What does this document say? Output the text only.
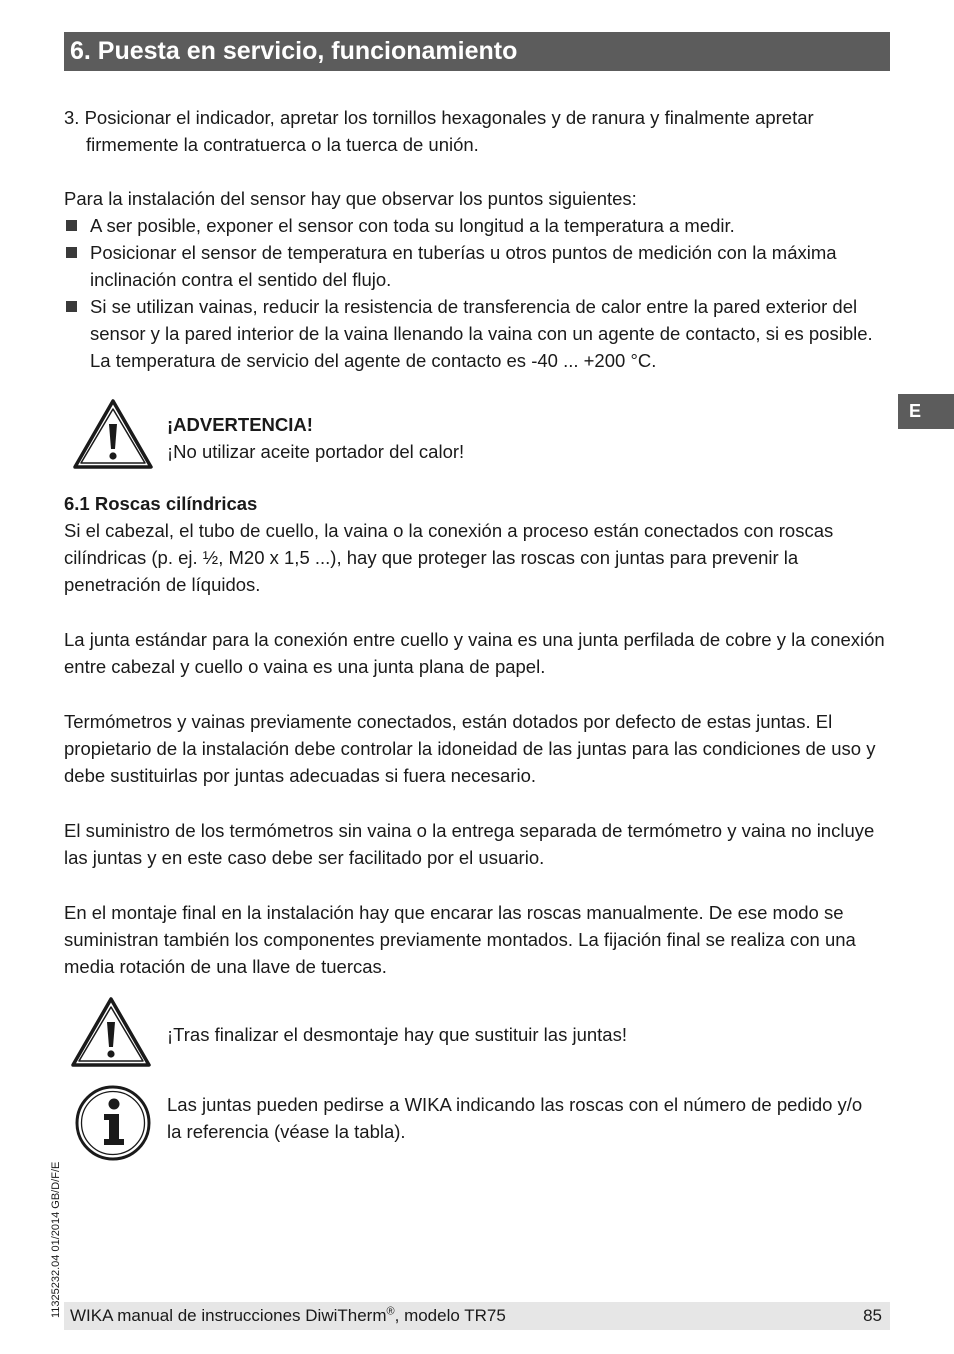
6. Puesta en servicio, funcionamiento
E
3. Posicionar el indicador, apretar los tornillos hexagonales y de ranura y finalmente apretar
firmemente la contratuerca o la tuerca de unión.
Para la instalación del sensor hay que observar los puntos siguientes:
A ser posible, exponer el sensor con toda su longitud a la temperatura a medir.
Posicionar el sensor de temperatura en tuberías u otros puntos de medición con la máxima inclinación contra el sentido del flujo.
Si se utilizan vainas, reducir la resistencia de transferencia de calor entre la pared exterior del sensor y la pared interior de la vaina llenando la vaina con un agente de contacto, si es posible. La temperatura de servicio del agente de contacto es -40 ... +200 °C.
¡ADVERTENCIA!
¡No utilizar aceite portador del calor!
6.1 Roscas cilíndricas
Si el cabezal, el tubo de cuello, la vaina o la conexión a proceso están conectados con roscas cilíndricas (p. ej. ½, M20 x 1,5 ...), hay que proteger las roscas con juntas para prevenir la penetración de líquidos.
La junta estándar para la conexión entre cuello y vaina es una junta perfilada de cobre y la conexión entre cabezal y cuello o vaina es una junta plana de papel.
Termómetros y vainas previamente conectados, están dotados por defecto de estas juntas. El propietario de la instalación debe controlar la idoneidad de las juntas para las condiciones de uso y debe sustituirlas por juntas adecuadas si fuera necesario.
El suministro de los termómetros sin vaina o la entrega separada de termómetro y vaina no incluye las juntas y en este caso debe ser facilitado por el usuario.
En el montaje final en la instalación hay que encarar las roscas manualmente. De ese modo se suministran también los componentes previamente montados. La fijación final se realiza con una media rotación de una llave de tuercas.
¡Tras finalizar el desmontaje hay que sustituir las juntas!
Las juntas pueden pedirse a WIKA indicando las roscas con el número de pedido y/o la referencia (véase la tabla).
11325232.04 01/2014 GB/D/F/E WIKA manual de instrucciones DiwiTherm®, modelo TR75	85
